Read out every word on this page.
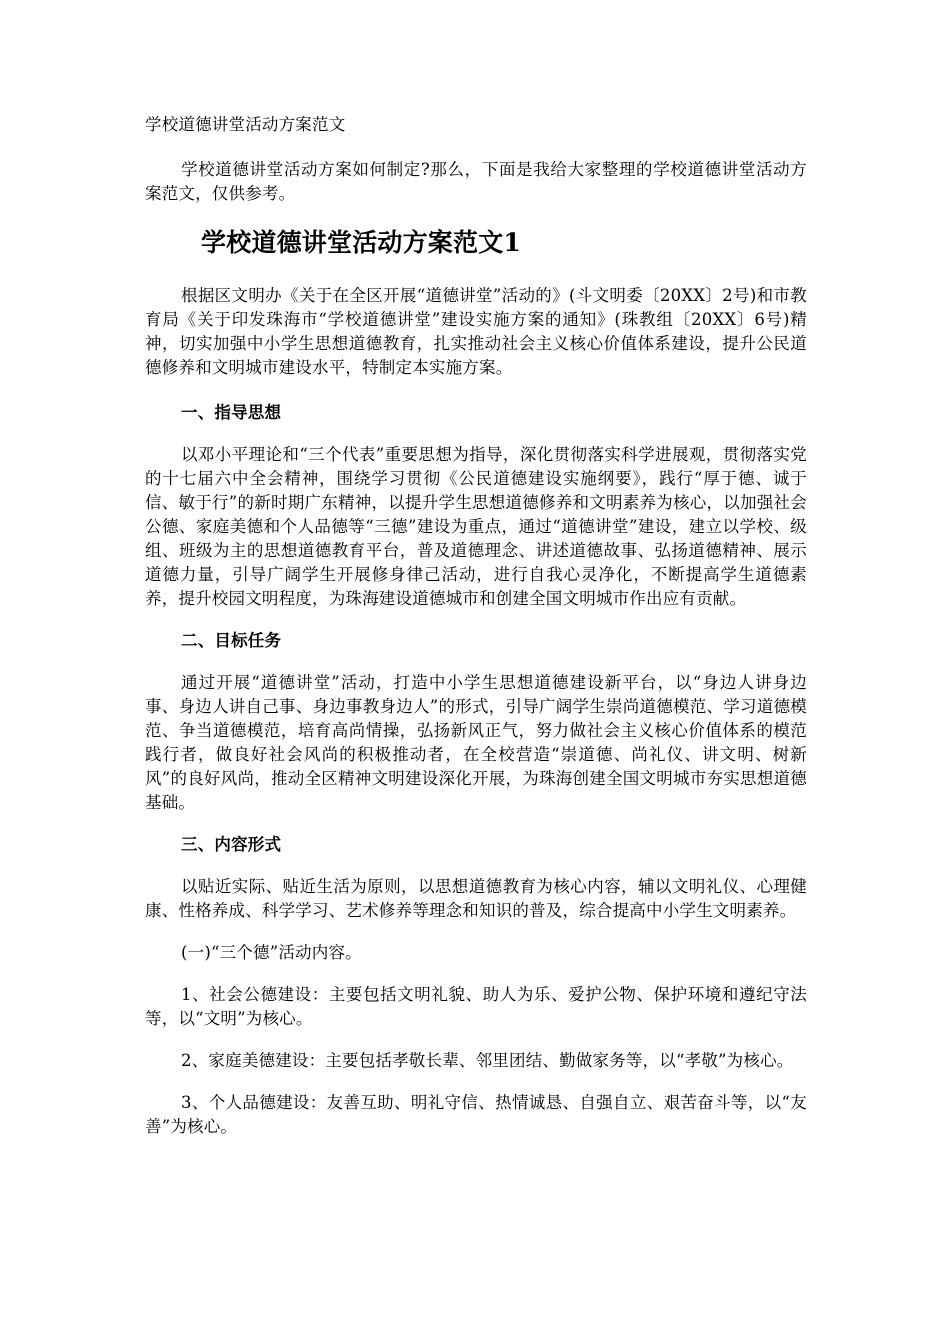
学校道德讲堂活动方案范文

学校道德讲堂活动方案如何制定?那么，下面是我给大家整理的学校道德讲堂活动方案范文，仅供参考。

学校道德讲堂活动方案范文1

根据区文明办《关于在全区开展“道德讲堂”活动的》(斗文明委〔20XX〕2号)和市教育局《关于印发珠海市“学校道德讲堂”建设实施方案的通知》(珠教组〔20XX〕6号)精神，切实加强中小学生思想道德教育，扎实推动社会主义核心价值体系建设，提升公民道德修养和文明城市建设水平，特制定本实施方案。

一、指导思想

以邓小平理论和“三个代表”重要思想为指导，深化贯彻落实科学进展观，贯彻落实党的十七届六中全会精神，围绕学习贯彻《公民道德建设实施纲要》，践行“厚于德、诚于信、敏于行”的新时期广东精神，以提升学生思想道德修养和文明素养为核心，以加强社会公德、家庭美德和个人品德等“三德”建设为重点，通过“道德讲堂”建设，建立以学校、级组、班级为主的思想道德教育平台，普及道德理念、讲述道德故事、弘扬道德精神、展示道德力量，引导广阔学生开展修身律己活动，进行自我心灵净化，不断提高学生道德素养，提升校园文明程度，为珠海建设道德城市和创建全国文明城市作出应有贡献。

二、目标任务

通过开展“道德讲堂”活动，打造中小学生思想道德建设新平台，以“身边人讲身边事、身边人讲自己事、身边事教身边人”的形式，引导广阔学生崇尚道德模范、学习道德模范、争当道德模范，培育高尚情操，弘扬新风正气，努力做社会主义核心价值体系的模范践行者，做良好社会风尚的积极推动者，在全校营造“崇道德、尚礼仪、讲文明、树新风”的良好风尚，推动全区精神文明建设深化开展，为珠海创建全国文明城市夯实思想道德基础。

三、内容形式

以贴近实际、贴近生活为原则，以思想道德教育为核心内容，辅以文明礼仪、心理健康、性格养成、科学学习、艺术修养等理念和知识的普及，综合提高中小学生文明素养。

(一)“三个德”活动内容。

1、社会公德建设：主要包括文明礼貌、助人为乐、爱护公物、保护环境和遵纪守法等，以“文明”为核心。

2、家庭美德建设：主要包括孝敬长辈、邻里团结、勤做家务等，以“孝敬”为核心。

3、个人品德建设：友善互助、明礼守信、热情诚恳、自强自立、艰苦奋斗等，以“友善”为核心。
